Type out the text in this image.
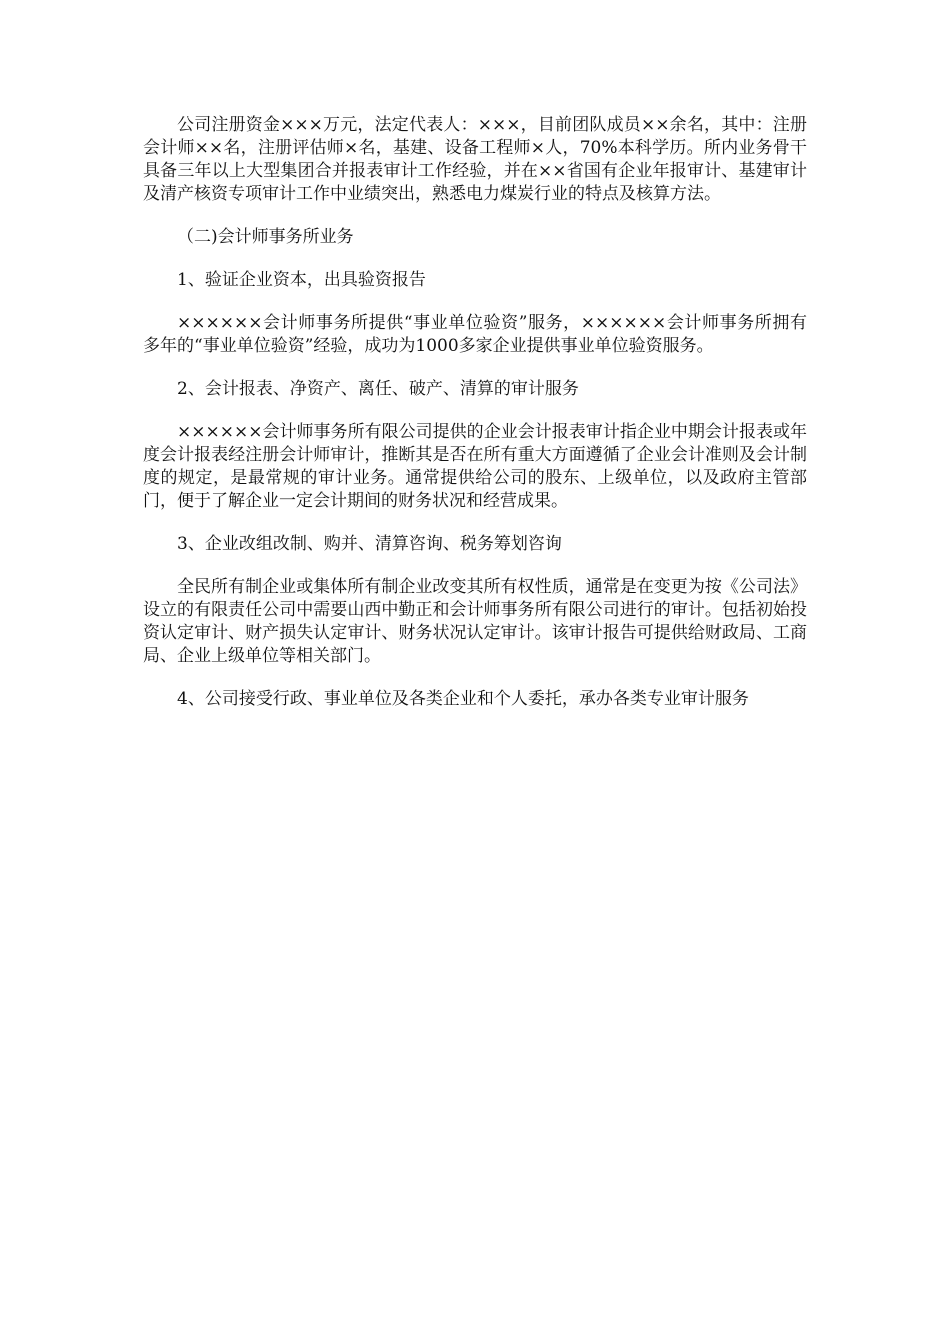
公司注册资金×××万元，法定代表人：×××，目前团队成员××余名，其中：注册会计师××名，注册评估师×名，基建、设备工程师×人，70%本科学历。所内业务骨干具备三年以上大型集团合并报表审计工作经验，并在××省国有企业年报审计、基建审计及清产核资专项审计工作中业绩突出，熟悉电力煤炭行业的特点及核算方法。

（二)会计师事务所业务

1、验证企业资本，出具验资报告

××××××会计师事务所提供“事业单位验资”服务，××××××会计师事务所拥有多年的“事业单位验资”经验，成功为1000多家企业提供事业单位验资服务。

2、会计报表、净资产、离任、破产、清算的审计服务

××××××会计师事务所有限公司提供的企业会计报表审计指企业中期会计报表或年度会计报表经注册会计师审计，推断其是否在所有重大方面遵循了企业会计准则及会计制度的规定，是最常规的审计业务。通常提供给公司的股东、上级单位，以及政府主管部门，便于了解企业一定会计期间的财务状况和经营成果。

3、企业改组改制、购并、清算咨询、税务筹划咨询

全民所有制企业或集体所有制企业改变其所有权性质，通常是在变更为按《公司法》设立的有限责任公司中需要山西中勤正和会计师事务所有限公司进行的审计。包括初始投资认定审计、财产损失认定审计、财务状况认定审计。该审计报告可提供给财政局、工商局、企业上级单位等相关部门。

4、公司接受行政、事业单位及各类企业和个人委托，承办各类专业审计服务
